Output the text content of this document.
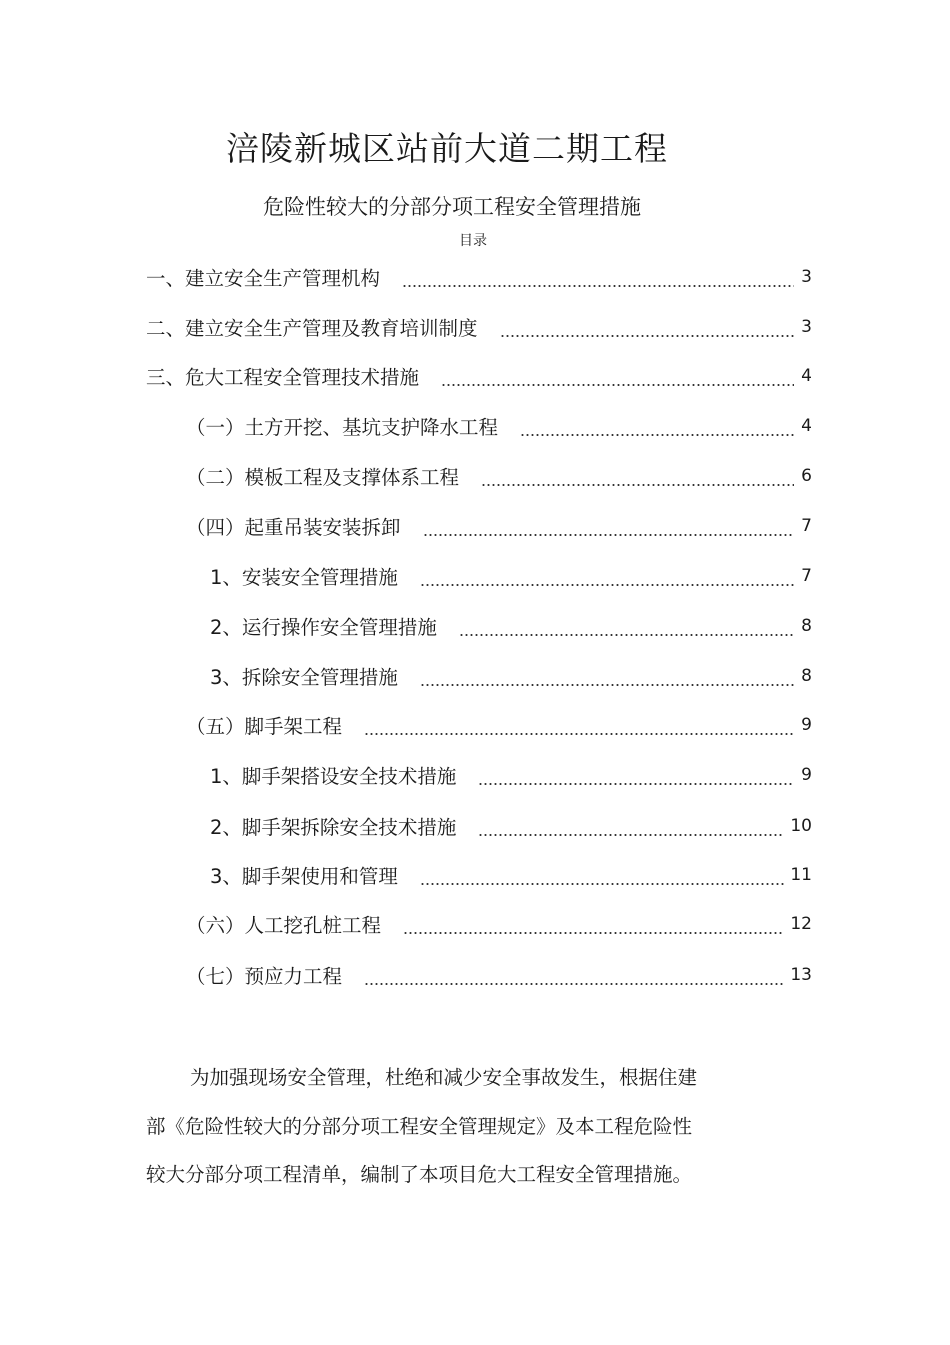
涪陵新城区站前大道二期工程
危险性较大的分部分项工程安全管理措施
目录
一、建立安全生产管理机构	3
二、建立安全生产管理及教育培训制度	3
三、危大工程安全管理技术措施	4
（一）土方开挖、基坑支护降水工程	4
（二）模板工程及支撑体系工程	6
（四）起重吊装安装拆卸	7
1、安装安全管理措施	7
2、运行操作安全管理措施	8
3、拆除安全管理措施	8
（五）脚手架工程	9
1、脚手架搭设安全技术措施	9
2、脚手架拆除安全技术措施	10
3、脚手架使用和管理	11
（六）人工挖孔桩工程	12
（七）预应力工程	13
为加强现场安全管理，杜绝和减少安全事故发生，根据住建
部《危险性较大的分部分项工程安全管理规定》及本工程危险性
较大分部分项工程清单，编制了本项目危大工程安全管理措施。
